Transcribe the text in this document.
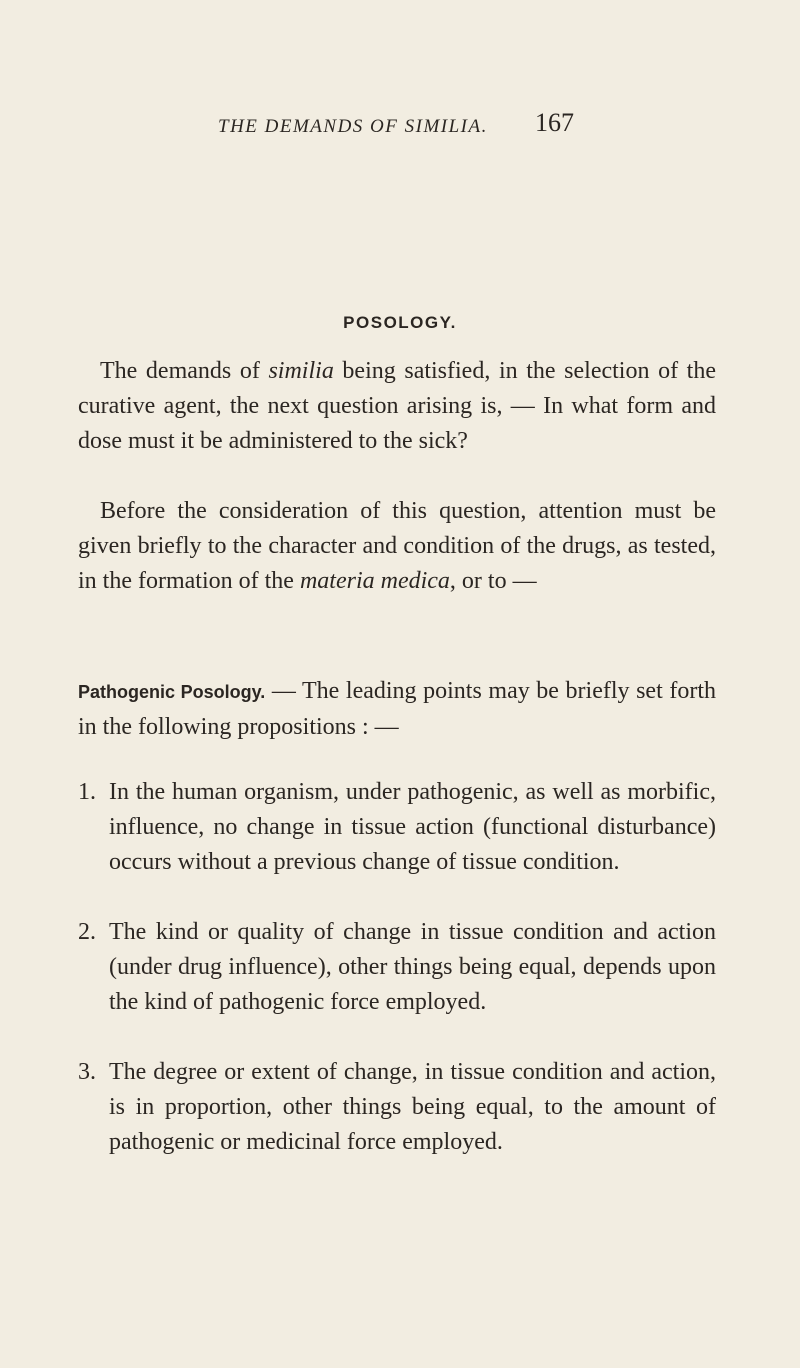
THE DEMANDS OF SIMILIA. 167
POSOLOGY.

The demands of similia being satisfied, in the selection of the curative agent, the next question arising is, — In what form and dose must it be administered to the sick?

Before the consideration of this question, attention must be given briefly to the character and condition of the drugs, as tested, in the formation of the materia medica, or to —

Pathogenic Posology. — The leading points may be briefly set forth in the following propositions : —

1. In the human organism, under pathogenic, as well as morbific, influence, no change in tissue action (functional disturbance) occurs without a previous change of tissue condition.
2. The kind or quality of change in tissue condition and action (under drug influence), other things being equal, depends upon the kind of pathogenic force employed.
3. The degree or extent of change, in tissue condition and action, is in proportion, other things being equal, to the amount of pathogenic or medicinal force employed.
